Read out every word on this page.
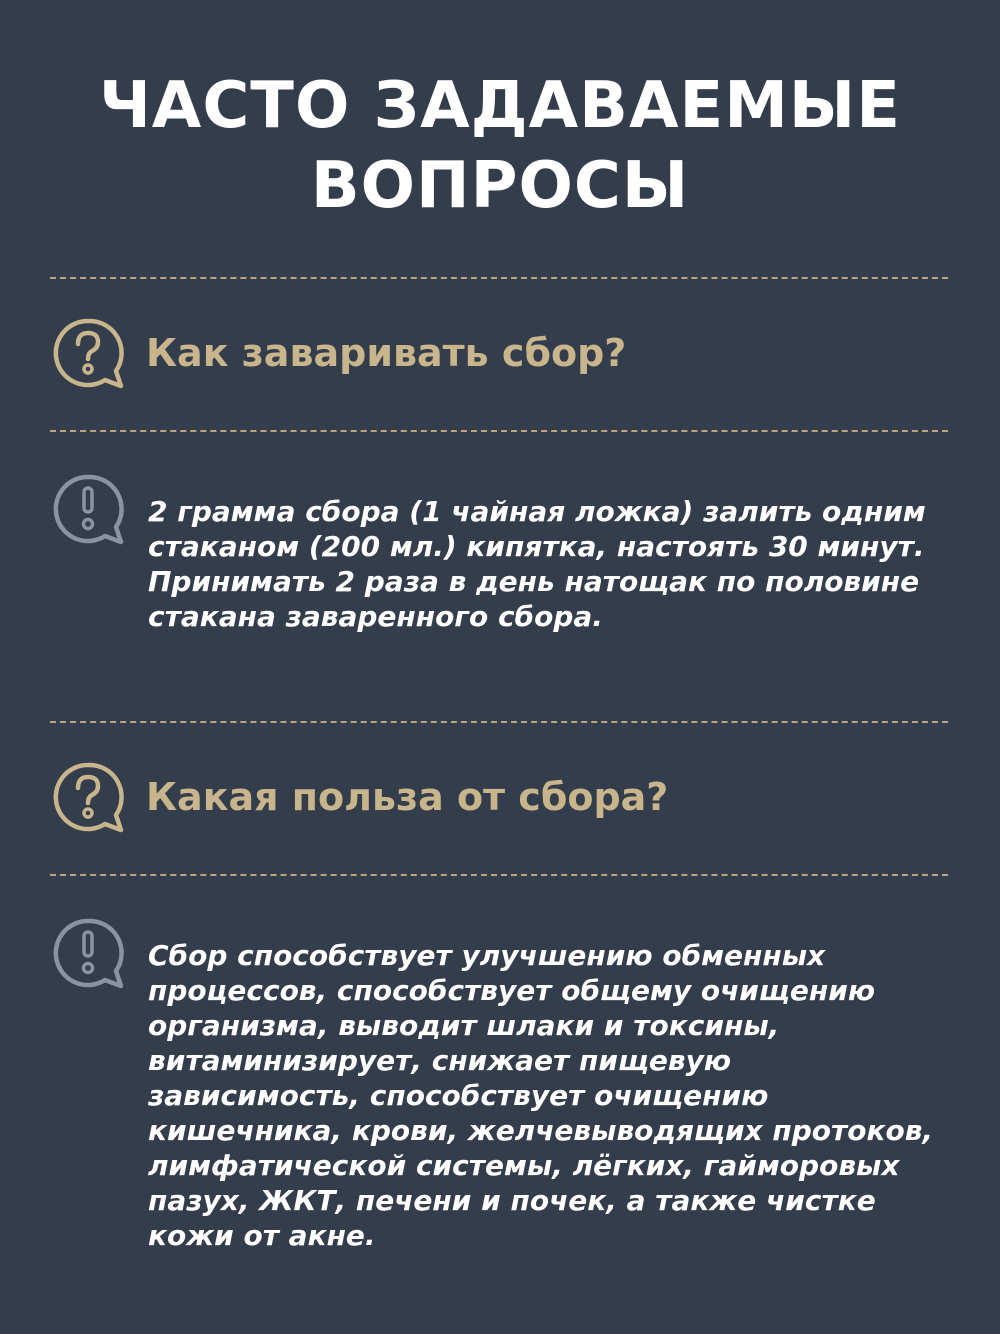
ЧАСТО ЗАДАВАЕМЫЕ
ВОПРОСЫ
Как заваривать сбор?

2 грамма сбора (1 чайная ложка) залить одним стаканом (200 мл.) кипятка, настоять 30 минут. Принимать 2 раза в день натощак по половине стакана заваренного сбора.

Какая польза от сбора?

Сбор способствует улучшению обменных процессов, способствует общему очищению организма, выводит шлаки и токсины, витаминизирует, снижает пищевую зависимость, способствует очищению кишечника, крови, желчевыводящих протоков, лимфатической системы, лёгких, гайморовых пазух, ЖКТ, печени и почек, а также чистке кожи от акне.
